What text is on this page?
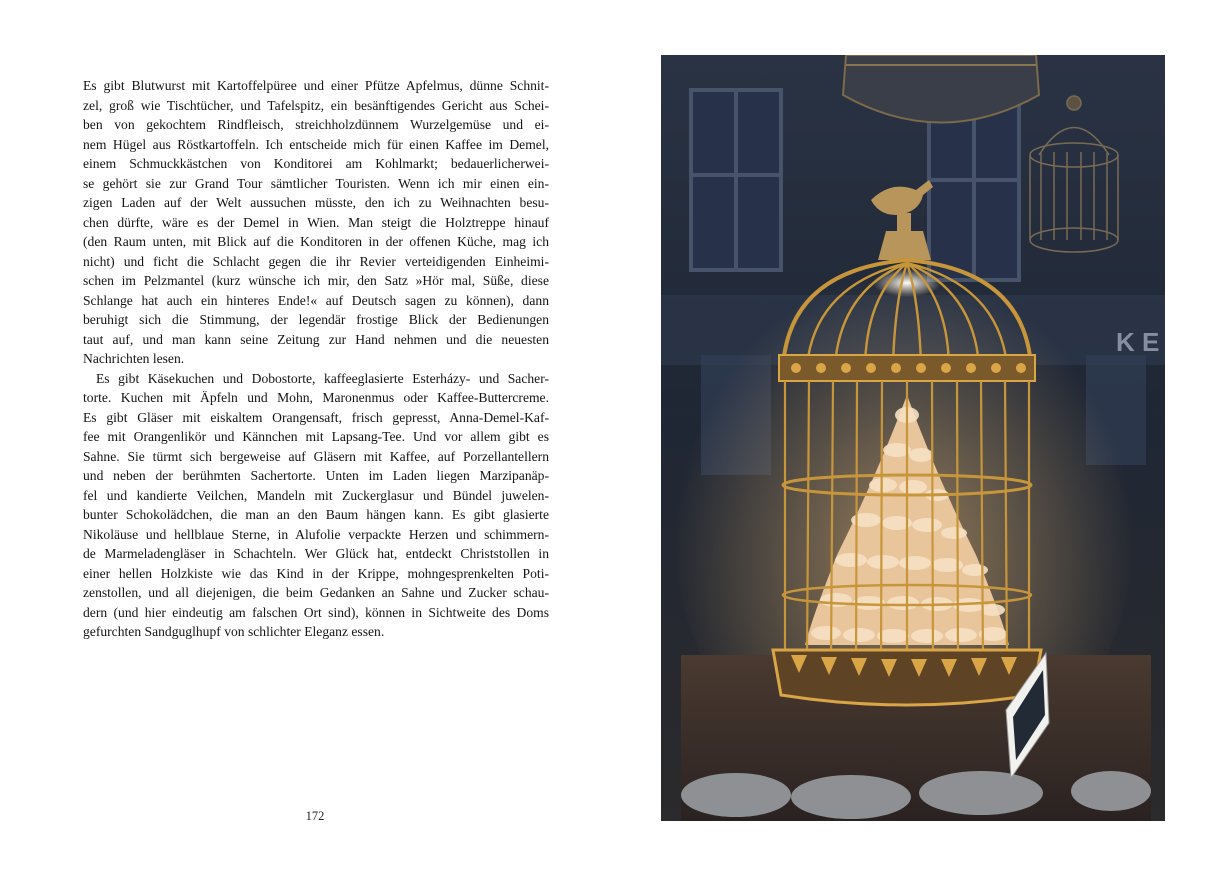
Es gibt Blutwurst mit Kartoffelpüree und einer Pfütze Apfelmus, dünne Schnit-
zel, groß wie Tischtücher, und Tafelspitz, ein besänftigendes Gericht aus Schei-
ben von gekochtem Rindfleisch, streichholzdünnem Wurzelgemüse und ei-
nem Hügel aus Röstkartoffeln. Ich entscheide mich für einen Kaffee im Demel,
einem Schmuckkästchen von Konditorei am Kohlmarkt; bedauerlicherwei-
se gehört sie zur Grand Tour sämtlicher Touristen. Wenn ich mir einen ein-
zigen Laden auf der Welt aussuchen müsste, den ich zu Weihnachten besu-
chen dürfte, wäre es der Demel in Wien. Man steigt die Holztreppe hinauf
(den Raum unten, mit Blick auf die Konditoren in der offenen Küche, mag ich
nicht) und ficht die Schlacht gegen die ihr Revier verteidigenden Einheimi-
schen im Pelzmantel (kurz wünsche ich mir, den Satz »Hör mal, Süße, diese
Schlange hat auch ein hinteres Ende!« auf Deutsch sagen zu können), dann
beruhigt sich die Stimmung, der legendär frostige Blick der Bedienungen
taut auf, und man kann seine Zeitung zur Hand nehmen und die neuesten
Nachrichten lesen.
Es gibt Käsekuchen und Dobostorte, kaffeeglasierte Esterházy- und Sacher-
torte. Kuchen mit Äpfeln und Mohn, Maronenmus oder Kaffee-Buttercreme.
Es gibt Gläser mit eiskaltem Orangensaft, frisch gepresst, Anna-Demel-Kaf-
fee mit Orangenlikör und Kännchen mit Lapsang-Tee. Und vor allem gibt es
Sahne. Sie türmt sich bergeweise auf Gläsern mit Kaffee, auf Porzellantellern
und neben der berühmten Sachertorte. Unten im Laden liegen Marzipanäp-
fel und kandierte Veilchen, Mandeln mit Zuckerglasur und Bündel juwelen-
bunter Schokolädchen, die man an den Baum hängen kann. Es gibt glasierte
Nikoläuse und hellblaue Sterne, in Alufolie verpackte Herzen und schimmern-
de Marmeladengläser in Schachteln. Wer Glück hat, entdeckt Christstollen in
einer hellen Holzkiste wie das Kind in der Krippe, mohngesprenkelten Poti-
zenstollen, und all diejenigen, die beim Gedanken an Sahne und Zucker schau-
dern (und hier eindeutig am falschen Ort sind), können in Sichtweite des Doms
gefurchten Sandguglhupf von schlichter Eleganz essen.
172
K E
